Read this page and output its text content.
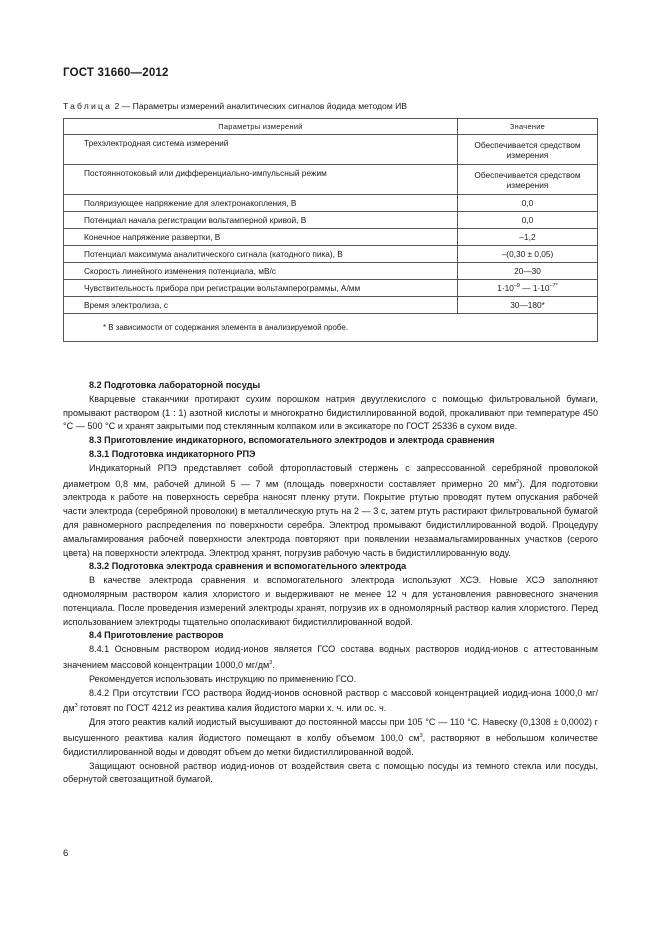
ГОСТ 31660—2012
Таблица 2 — Параметры измерений аналитических сигналов йодида методом ИВ
Параметры измерений	Значение
Трехэлектродная система измерений	Обеспечивается средством измерения
Постояннотоковый или дифференциально-импульсный режим	Обеспечивается средством измерения
Поляризующее напряжение для электронакопления, В	0,0
Потенциал начала регистрации вольтамперной кривой, В	0,0
Конечное напряжение развертки, В	–1,2
Потенциал максимума аналитического сигнала (катодного пика), В	–(0,30 ± 0,05)
Скорость линейного изменения потенциала, мВ/с	20—30
Чувствительность прибора при регистрации вольтамперограммы, А/мм	$1\cdot 10^{-9}$ — $1\cdot 10^{-7*}$
Время электролиза, с	30—180*
* В зависимости от содержания элемента в анализируемой пробе.	

8.2 Подготовка лабораторной посуды

Кварцевые стаканчики протирают сухим порошком натрия двууглекислого с помощью фильтровальной бумаги, промывают раствором (1 : 1) азотной кислоты и многократно бидистиллированной водой, прокаливают при температуре 450 °С — 500 °С и хранят закрытыми под стеклянным колпаком или в эксикаторе по ГОСТ 25336 в сухом виде.

8.3 Приготовление индикаторного, вспомогательного электродов и электрода сравнения

8.3.1 Подготовка индикаторного РПЭ

Индикаторный РПЭ представляет собой фторопластовый стержень с запрессованной серебряной проволокой диаметром 0,8 мм, рабочей длиной 5 — 7 мм (площадь поверхности составляет примерно 20 $мм^2$). Для подготовки электрода к работе на поверхность серебра наносят пленку ртути. Покрытие ртутью проводят путем опускания рабочей части электрода (серебряной проволоки) в металлическую ртуть на 2 — 3 с, затем ртуть растирают фильтровальной бумагой для равномерного распределения по поверхности серебра. Электрод промывают бидистиллированной водой. Процедуру амальгамирования рабочей поверхности электрода повторяют при появлении незаамальгамированных участков (серого цвета) на поверхности электрода. Электрод хранят, погрузив рабочую часть в бидистиллированную воду.

8.3.2 Подготовка электрода сравнения и вспомогательного электрода

В качестве электрода сравнения и вспомогательного электрода используют ХСЭ. Новые ХСЭ заполняют одномолярным раствором калия хлористого и выдерживают не менее 12 ч для установления равновесного значения потенциала. После проведения измерений электроды хранят, погрузив их в одномолярный раствор калия хлористого. Перед использованием электроды тщательно ополаскивают бидистиллированной водой.

8.4 Приготовление растворов

8.4.1 Основным раствором иодид-ионов является ГСО состава водных растворов иодид-ионов с аттестованным значением массовой концентрации 1000,0 $мг/дм^3$.

Рекомендуется использовать инструкцию по применению ГСО.

8.4.2 При отсутствии ГСО раствора йодид-ионов основной раствор с массовой концентрацией иодид-иона 1000,0 $мг/дм^3$ готовят по ГОСТ 4212 из реактива калия йодистого марки х. ч. или ос. ч.

Для этого реактив калий иодистый высушивают до постоянной массы при 105 °С — 110 °С. Навеску (0,1308 ± 0,0002) г высушенного реактива калия йодистого помещают в колбу объемом 100,0 $см^3$, растворяют в небольшом количестве бидистиллированной воды и доводят объем до метки бидистиллированной водой.

Защищают основной раствор иодид-ионов от воздействия света с помощью посуды из темного стекла или посуды, обернутой светозащитной бумагой.

6
